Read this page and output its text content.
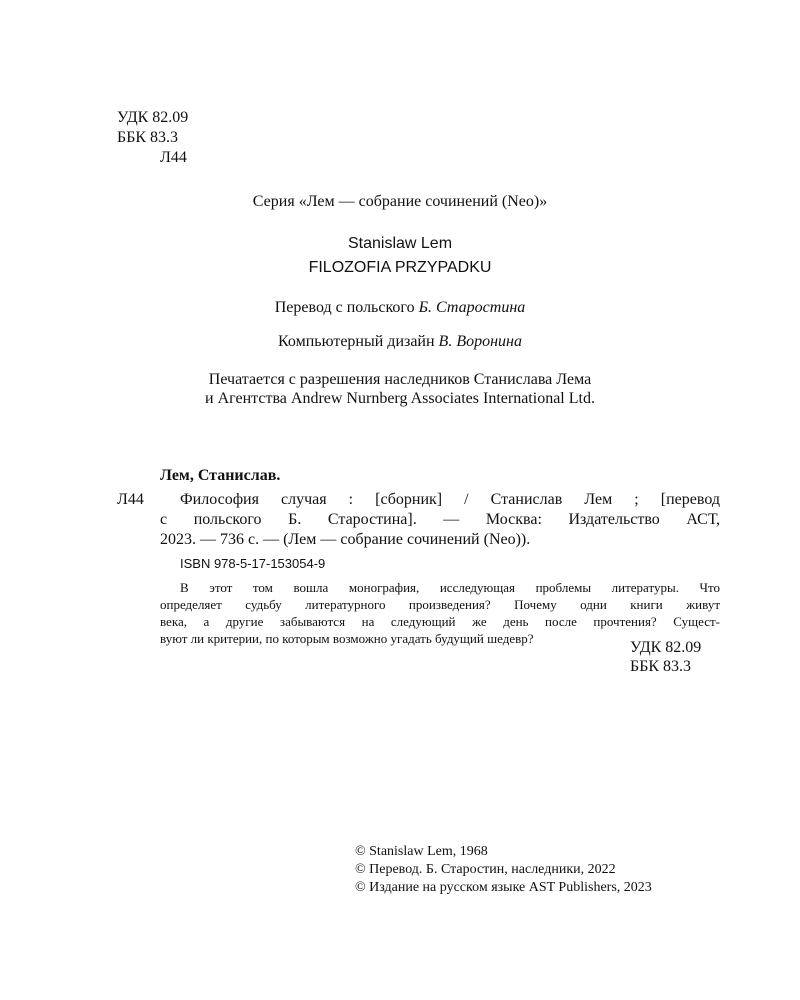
УДК 82.09
ББК 83.3
Л44
Серия «Лем — собрание сочинений (Neo)»
Stanislaw Lem
FILOZOFIA PRZYPADKU
Перевод с польского Б. Старостина
Компьютерный дизайн В. Воронина
Печатается с разрешения наследников Станислава Лема
и Агентства Andrew Nurnberg Associates International Ltd.
Лем, Станислав.
Л44 Философия случая : [сборник] / Станислав Лем ; [перевод
с польского Б. Старостина]. — Москва: Издательство АСТ,
2023. — 736 с. — (Лем — собрание сочинений (Neo)).
ISBN 978-5-17-153054-9
В этот том вошла монография, исследующая проблемы литературы. Что
определяет судьбу литературного произведения? Почему одни книги живут
века, а другие забываются на следующий же день после прочтения? Сущест-
вуют ли критерии, по которым возможно угадать будущий шедевр?
УДК 82.09
ББК 83.3
© Stanislaw Lem, 1968
© Перевод. Б. Старостин, наследники, 2022
© Издание на русском языке AST Publishers, 2023
